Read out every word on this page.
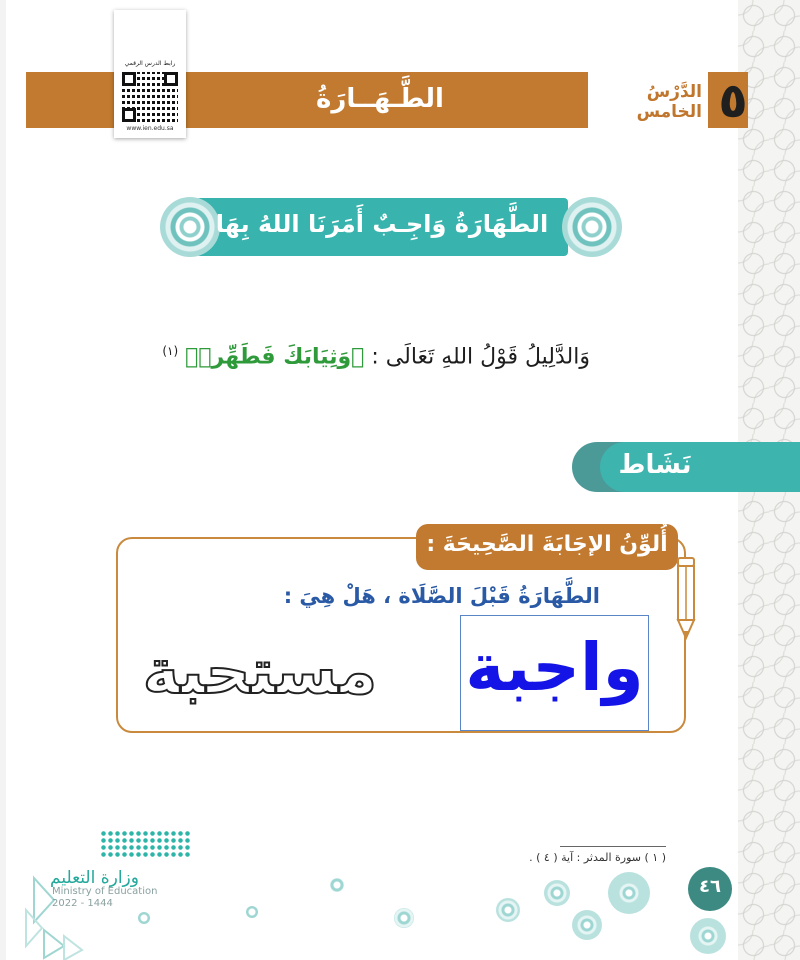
٥
الدَّرْسُ الخامس
الطَّـهَــارَةُ
رابط الدرس الرقمي
www.ien.edu.sa
الطَّهَارَةُ وَاجِـبٌ أَمَرَنَا اللهُ بِهَا
وَالدَّلِيلُ قَوْلُ اللهِ تَعَالَى : ﴿وَثِيَابَكَ فَطَهِّرۡ﴾ $^{(١)}$
نَشَاط
أُلوِّنُ الإجَابَةَ الصَّحِيحَةَ :
الطَّهَارَةُ قَبْلَ الصَّلَاة ، هَلْ هِيَ :
واجبة
مستحبة
( ١ ) سورة المدثر : آية ( ٤ ) .
٤٦
وزارة التعليم
Ministry of Education
2022 - 1444
